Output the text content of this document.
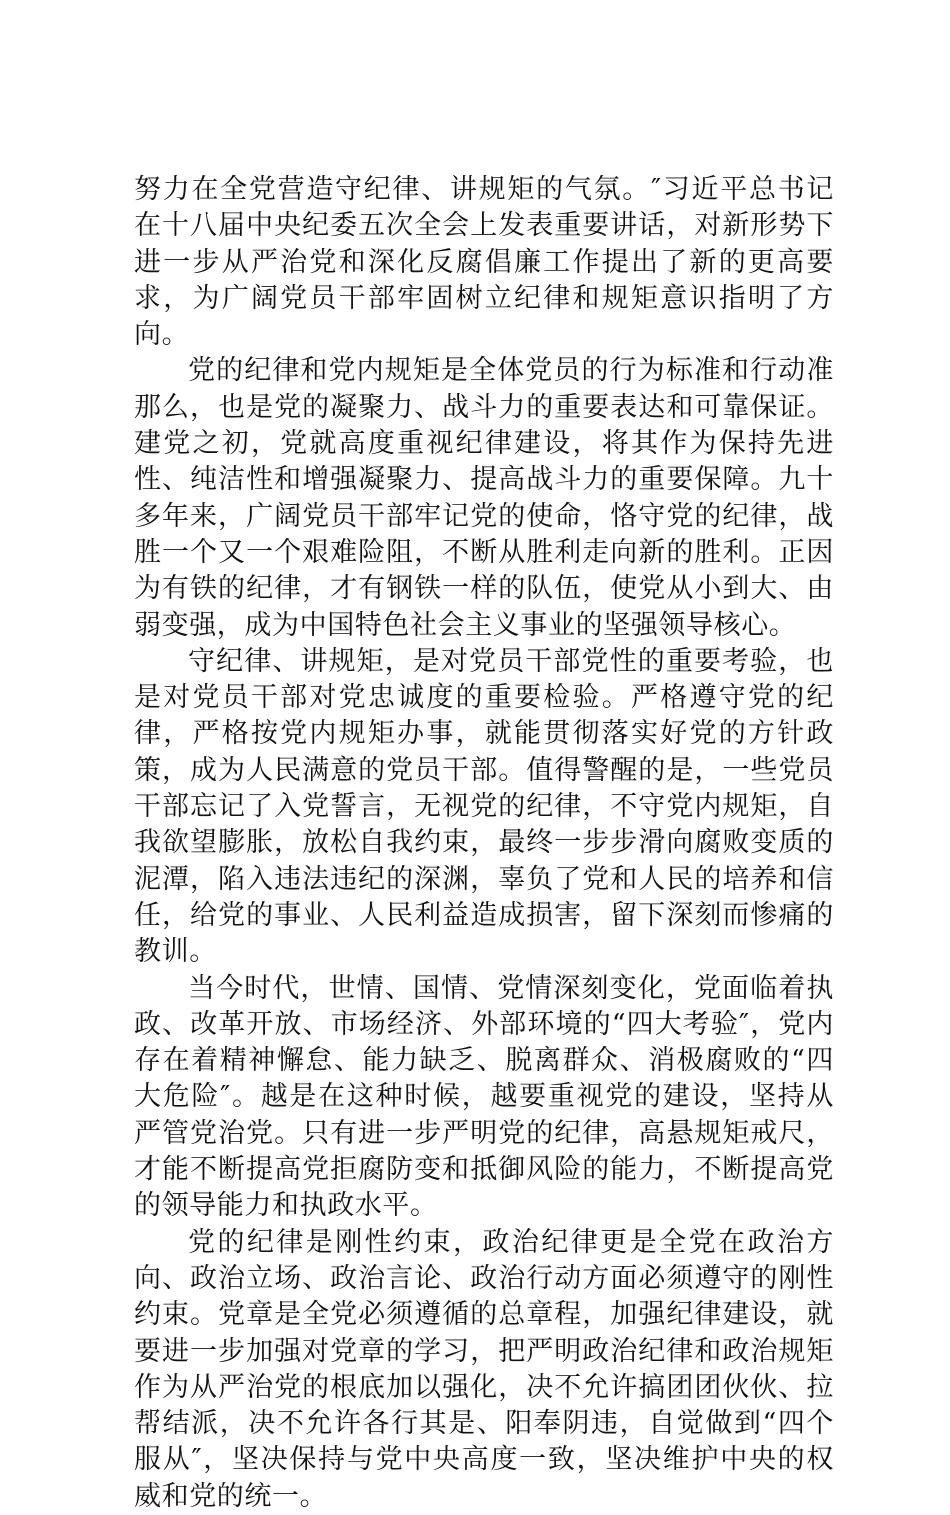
努力在全党营造守纪律、讲规矩的气氛。″习近平总书记在十八届中央纪委五次全会上发表重要讲话，对新形势下进一步从严治党和深化反腐倡廉工作提出了新的更高要求，为广阔党员干部牢固树立纪律和规矩意识指明了方向。

党的纪律和党内规矩是全体党员的行为标准和行动准那么，也是党的凝聚力、战斗力的重要表达和可靠保证。建党之初，党就高度重视纪律建设，将其作为保持先进性、纯洁性和增强凝聚力、提高战斗力的重要保障。九十多年来，广阔党员干部牢记党的使命，恪守党的纪律，战胜一个又一个艰难险阻，不断从胜利走向新的胜利。正因为有铁的纪律，才有钢铁一样的队伍，使党从小到大、由弱变强，成为中国特色社会主义事业的坚强领导核心。

守纪律、讲规矩，是对党员干部党性的重要考验，也是对党员干部对党忠诚度的重要检验。严格遵守党的纪律，严格按党内规矩办事，就能贯彻落实好党的方针政策，成为人民满意的党员干部。值得警醒的是，一些党员干部忘记了入党誓言，无视党的纪律，不守党内规矩，自我欲望膨胀，放松自我约束，最终一步步滑向腐败变质的泥潭，陷入违法违纪的深渊，辜负了党和人民的培养和信任，给党的事业、人民利益造成损害，留下深刻而惨痛的教训。

当今时代，世情、国情、党情深刻变化，党面临着执政、改革开放、市场经济、外部环境的“四大考验″，党内存在着精神懈怠、能力缺乏、脱离群众、消极腐败的“四大危险″。越是在这种时候，越要重视党的建设，坚持从严管党治党。只有进一步严明党的纪律，高悬规矩戒尺，才能不断提高党拒腐防变和抵御风险的能力，不断提高党的领导能力和执政水平。

党的纪律是刚性约束，政治纪律更是全党在政治方向、政治立场、政治言论、政治行动方面必须遵守的刚性约束。党章是全党必须遵循的总章程，加强纪律建设，就要进一步加强对党章的学习，把严明政治纪律和政治规矩作为从严治党的根底加以强化，决不允许搞团团伙伙、拉帮结派，决不允许各行其是、阳奉阴违，自觉做到“四个服从″，坚决保持与党中央高度一致，坚决维护中央的权威和党的统一。
